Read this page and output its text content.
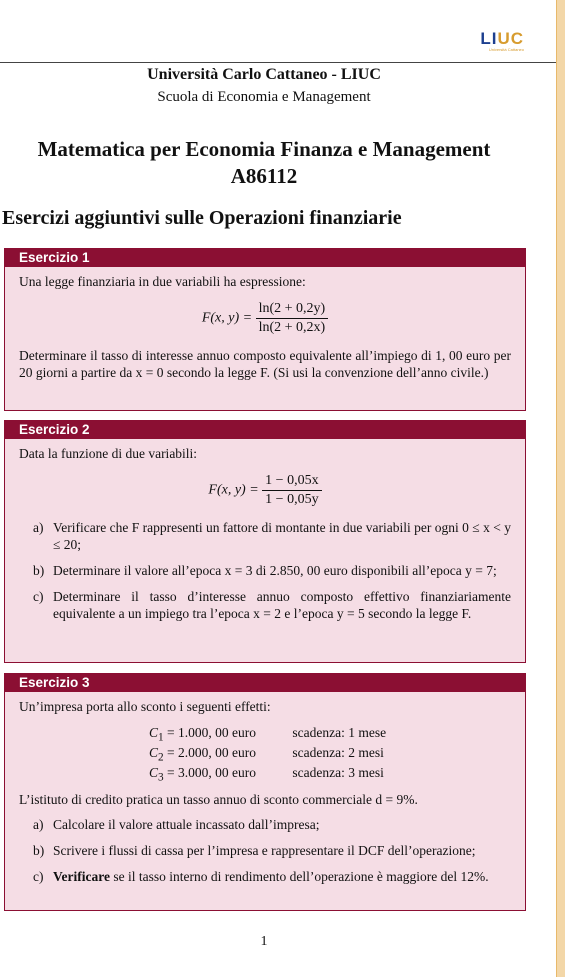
LIUC
Università Cattaneo
Università Carlo Cattaneo - LIUC
Scuola di Economia e Management
Matematica per Economia Finanza e Management
A86112
Esercizi aggiuntivi sulle Operazioni finanziarie
Esercizio 1

Una legge finanziaria in due variabili ha espressione:

F(x, $y) = \frac{\ln(2 + 0,2y)}{\ln(2 + 0,2x)}$

Determinare il tasso di interesse annuo composto equivalente all’impiego di 1, 00 euro per 20 giorni a partire da x = 0 secondo la legge F. (Si usi la convenzione dell’anno civile.)

Esercizio 2

Data la funzione di due variabili:

F(x, $y) = \frac{1 - 0,05x}{1 - 0,05y}$
a) Verificare che F rappresenti un fattore di montante in due variabili per ogni 0 ≤ x < y ≤ 20;
b) Determinare il valore all’epoca x = 3 di 2.850, 00 euro disponibili all’epoca y = 7;
c) Determinare il tasso d’interesse annuo composto effettivo finanziariamente equivalente a un impiego tra l’epoca x = 2 e l’epoca y = 5 secondo la legge F.
Esercizio 3

Un’impresa porta allo sconto i seguenti effetti:

$C_1 = 1.000$, 00 euro	scadenza: 1 mese
$C_2 = 2.000$, 00 euro	scadenza: 2 mesi
$C_3 = 3.000$, 00 euro	scadenza: 3 mesi

L’istituto di credito pratica un tasso annuo di sconto commerciale d = 9%.

a) Calcolare il valore attuale incassato dall’impresa;
b) Scrivere i flussi di cassa per l’impresa e rappresentare il DCF dell’operazione;
c) Verificare se il tasso interno di rendimento dell’operazione è maggiore del 12%.
1
